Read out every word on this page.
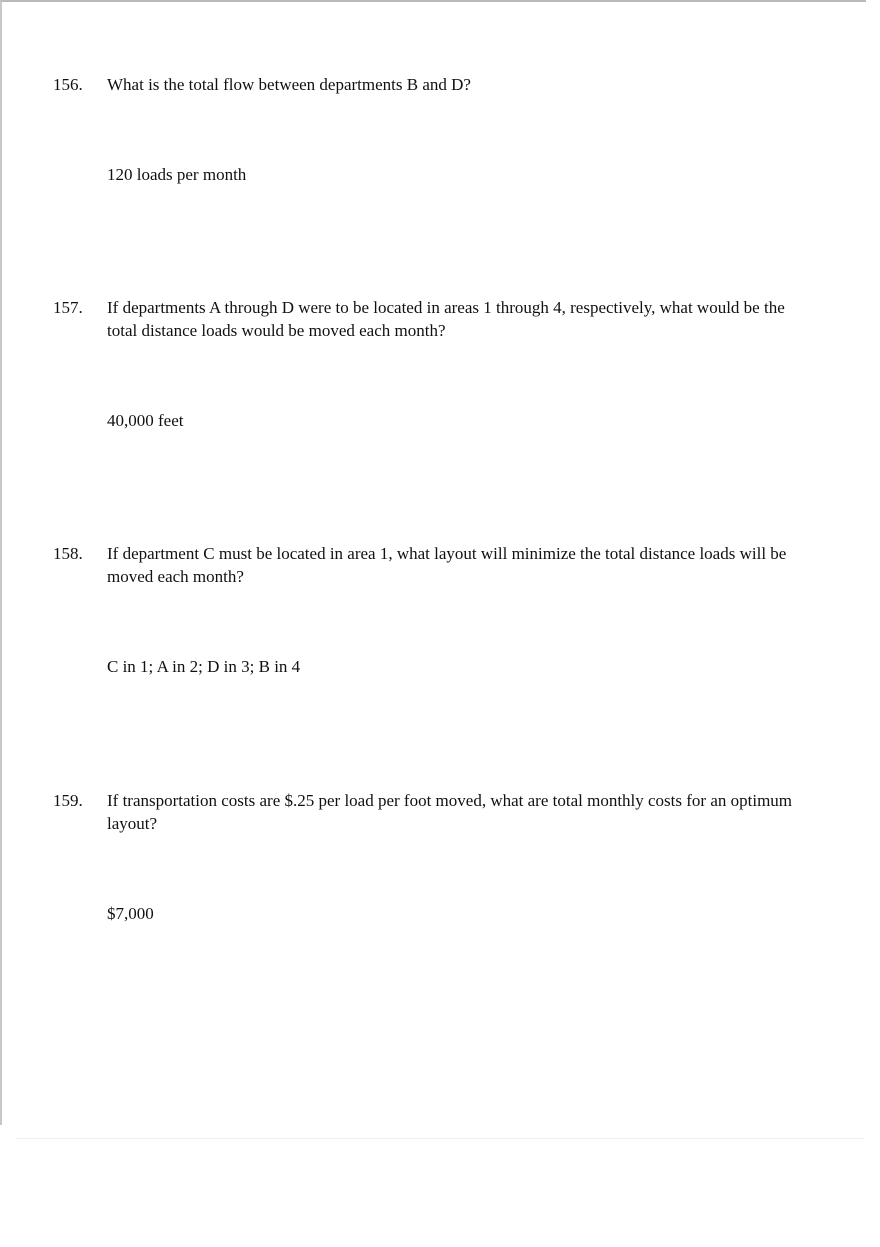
156. What is the total flow between departments B and D?
120 loads per month
157. If departments A through D were to be located in areas 1 through 4, respectively, what would be the total distance loads would be moved each month?
40,000 feet
158. If department C must be located in area 1, what layout will minimize the total distance loads will be moved each month?
C in 1; A in 2; D in 3; B in 4
159. If transportation costs are $.25 per load per foot moved, what are total monthly costs for an optimum layout?
$7,000
